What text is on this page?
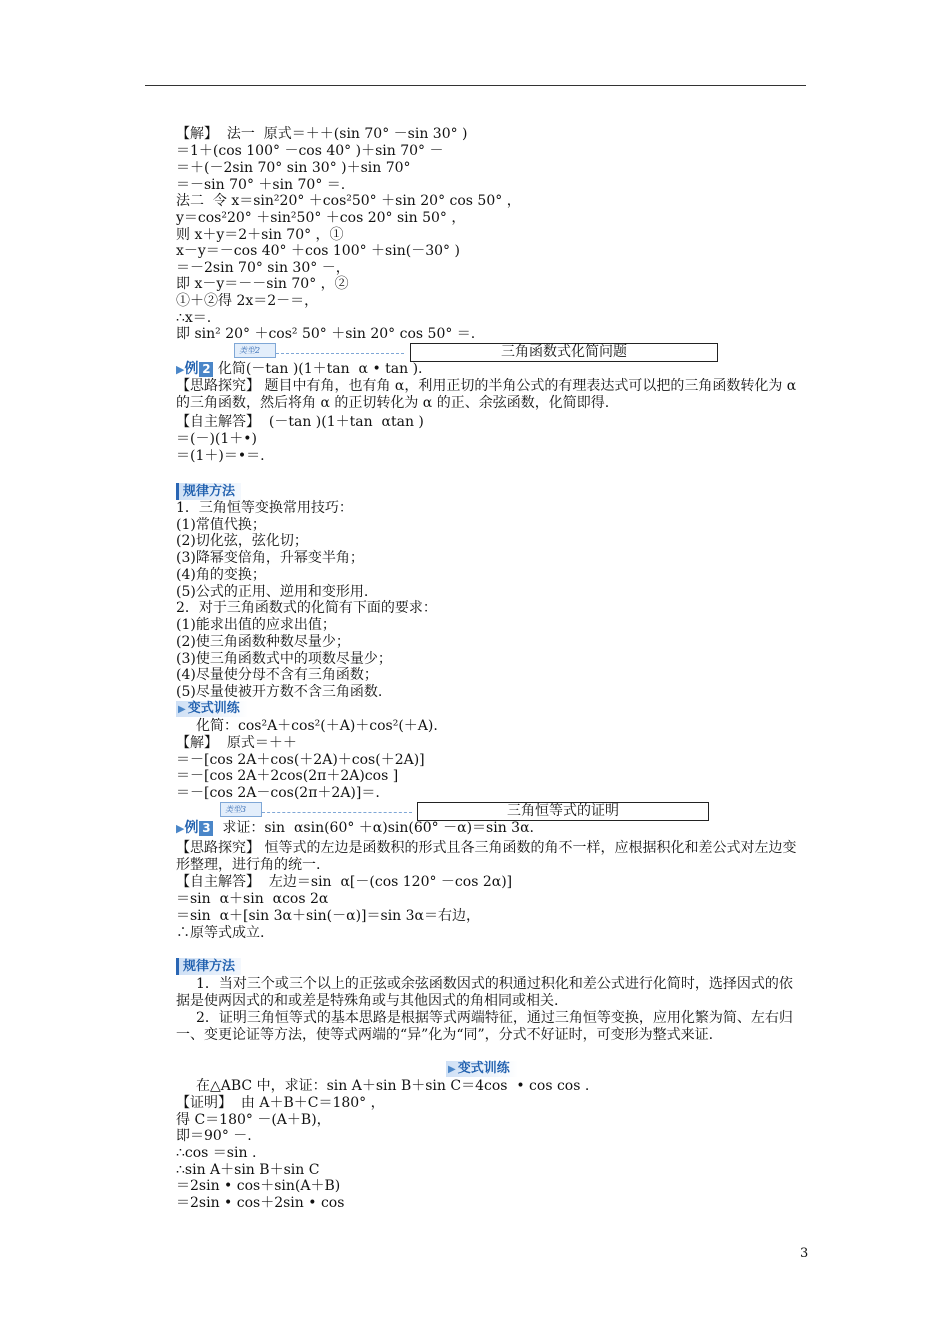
【解】  法一  原式＝＋＋(sin 70° －sin 30° )
＝1＋(cos 100° －cos 40° )＋sin 70° －
＝＋(－2sin 70° sin 30° )＋sin 70°
＝－sin 70° ＋sin 70° ＝.
法二  令 x＝sin²20° ＋cos²50° ＋sin 20° cos 50° ，
y＝cos²20° ＋sin²50° ＋cos 20° sin 50° ，
则 x＋y＝2＋sin 70° ，①
x－y＝－cos 40° ＋cos 100° ＋sin(－30° )
＝－2sin 70° sin 30° －，
即 x－y＝－－sin 70° ，②
①＋②得 2x＝2－＝，
∴x＝.
即 sin² 20° ＋cos² 50° ＋sin 20° cos 50° ＝.
类型2	三角函数式化简问题
▶例 2 化简(－tan )(1＋tan  α • tan ).
【思路探究】 题目中有角，也有角 α，利用正切的半角公式的有理表达式可以把的三角函数转化为 α 的三角函数，然后将角 α 的正切转化为 α 的正、余弦函数，化简即得.
【自主解答】  (－tan )(1＋tan  αtan )
＝(－)(1＋•)
＝(1＋)＝•＝.
规律方法
1．三角恒等变换常用技巧：
(1)常值代换；
(2)切化弦，弦化切；
(3)降幂变倍角，升幂变半角；
(4)角的变换；
(5)公式的正用、逆用和变形用.
2．对于三角函数式的化简有下面的要求：
(1)能求出值的应求出值；
(2)使三角函数种数尽量少；
(3)使三角函数式中的项数尽量少；
(4)尽量使分母不含有三角函数；
(5)尽量使被开方数不含三角函数.
▶ 变式训练
化简：cos²A＋cos²(＋A)＋cos²(＋A).
【解】  原式＝＋＋
＝－[cos 2A＋cos(＋2A)＋cos(＋2A)]
＝－[cos 2A＋2cos(2π＋2A)cos ]
＝－[cos 2A－cos(2π＋2A)]＝.
类型3	三角恒等式的证明
▶例 3  求证：sin  αsin(60° ＋α)sin(60° －α)＝sin 3α.
【思路探究】 恒等式的左边是函数积的形式且各三角函数的角不一样，应根据积化和差公式对左边变形整理，进行角的统一.
【自主解答】  左边＝sin  α[－(cos 120° －cos 2α)]
＝sin  α＋sin  αcos 2α
＝sin  α＋[sin 3α＋sin(－α)]＝sin 3α＝右边，
∴原等式成立.
规律方法
1．当对三个或三个以上的正弦或余弦函数因式的积通过积化和差公式进行化简时，选择因式的依据是使两因式的和或差是特殊角或与其他因式的角相同或相关.
2．证明三角恒等式的基本思路是根据等式两端特征，通过三角恒等变换，应用化繁为简、左右归一、变更论证等方法，使等式两端的“异”化为“同”，分式不好证时，可变形为整式来证.
▶ 变式训练
在△ABC 中，求证：sin A＋sin B＋sin C＝4cos  • cos cos .
【证明】  由 A＋B＋C＝180° ，
得 C＝180° －(A＋B)，
即＝90° －.
∴cos ＝sin .
∴sin A＋sin B＋sin C
＝2sin • cos＋sin(A＋B)
＝2sin • cos＋2sin • cos
3
